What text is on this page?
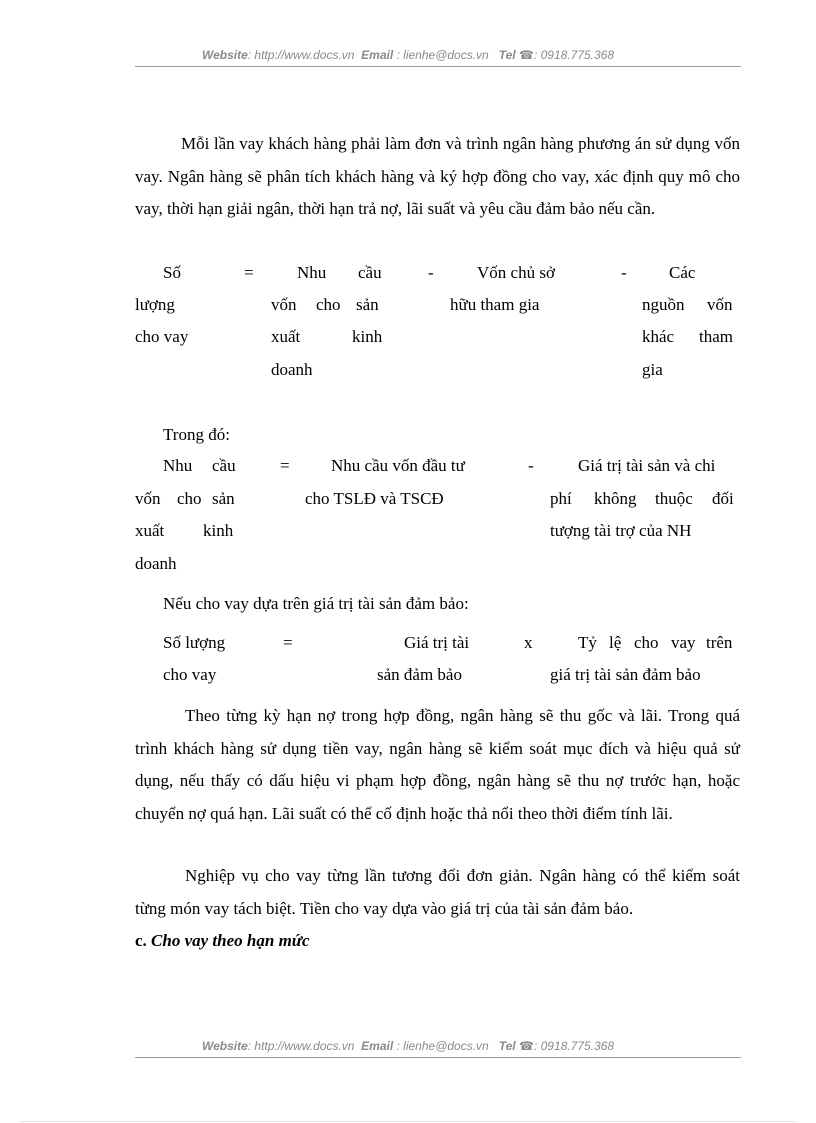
Website: http://www.docs.vn Email : lienhe@docs.vn Tel ☎: 0918.775.368
Mỗi lần vay khách hàng phải làm đơn và trình ngân hàng phương án sử dụng vốn vay. Ngân hàng sẽ phân tích khách hàng và ký hợp đồng cho vay, xác định quy mô cho vay, thời hạn giải ngân, thời hạn trả nợ, lãi suất và yêu cầu đảm bảo nếu cần.
Số
lượng
cho vay
=	Nhu cầu
vốn cho sản
xuất	kinh
doanh
-	Vốn chủ sở
hữu tham gia
- Các
nguồn vốn
khác tham
gia
Trong đó:
Nhu cầu
vốn cho sản
xuất kinh
doanh
= Nhu cầu vốn đầu tư
cho TSLĐ và TSCĐ
-	Giá trị tài sản và chi
phí không thuộc đối
tượng tài trợ của NH
Nếu cho vay dựa trên giá trị tài sản đảm bảo:
Số lượng
cho vay
=	Giá trị tài
sản đảm bảo
x	Tỷ lệ cho vay trên
giá trị tài sản đảm bảo
Theo từng kỳ hạn nợ trong hợp đồng, ngân hàng sẽ thu gốc và lãi. Trong quá trình khách hàng sử dụng tiền vay, ngân hàng sẽ kiểm soát mục đích và hiệu quả sử dụng, nếu thấy có dấu hiệu vi phạm hợp đồng, ngân hàng sẽ thu nợ trước hạn, hoặc chuyển nợ quá hạn. Lãi suất có thể cố định hoặc thả nổi theo thời điểm tính lãi.
Nghiệp vụ cho vay từng lần tương đối đơn giản. Ngân hàng có thể kiểm soát từng món vay tách biệt. Tiền cho vay dựa vào giá trị của tài sản đảm bảo.
c. Cho vay theo hạn mức
Website: http://www.docs.vn Email : lienhe@docs.vn Tel ☎: 0918.775.368
